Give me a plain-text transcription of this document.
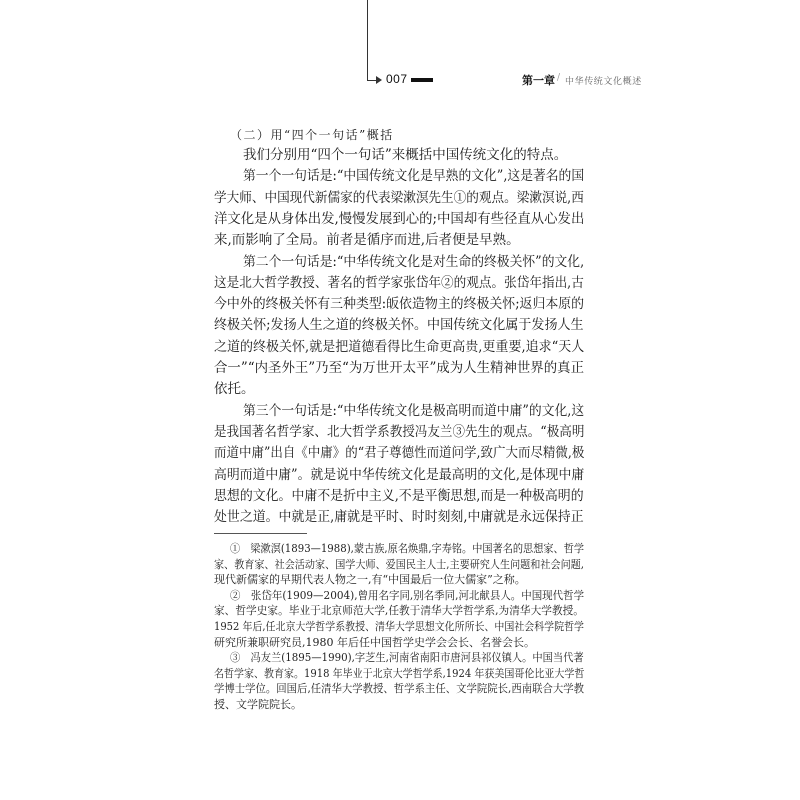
007	第一章 / 中华传统文化概述
（二）用“四个一句话”概括
我们分别用“四个一句话”来概括中国传统文化的特点。
第一个一句话是:“中国传统文化是早熟的文化”,这是著名的国
学大师、中国现代新儒家的代表梁漱溟先生①的观点。梁漱溟说,西
洋文化是从身体出发,慢慢发展到心的;中国却有些径直从心发出
来,而影响了全局。前者是循序而进,后者便是早熟。
第二个一句话是:“中华传统文化是对生命的终极关怀”的文化,
这是北大哲学教授、著名的哲学家张岱年②的观点。张岱年指出,古
今中外的终极关怀有三种类型:皈依造物主的终极关怀;返归本原的
终极关怀;发扬人生之道的终极关怀。中国传统文化属于发扬人生
之道的终极关怀,就是把道德看得比生命更高贵,更重要,追求“天人
合一”“内圣外王”乃至“为万世开太平”成为人生精神世界的真正
依托。
第三个一句话是:“中华传统文化是极高明而道中庸”的文化,这
是我国著名哲学家、北大哲学系教授冯友兰③先生的观点。“极高明
而道中庸”出自《中庸》的“君子尊德性而道问学,致广大而尽精微,极
高明而道中庸”。就是说中华传统文化是最高明的文化,是体现中庸
思想的文化。中庸不是折中主义,不是平衡思想,而是一种极高明的
处世之道。中就是正,庸就是平时、时时刻刻,中庸就是永远保持正
①　梁漱溟(1893—1988),蒙古族,原名焕鼎,字寿铭。中国著名的思想家、哲学
家、教育家、社会活动家、国学大师、爱国民主人士,主要研究人生问题和社会问题,
现代新儒家的早期代表人物之一,有“中国最后一位大儒家”之称。
②　张岱年(1909—2004),曾用名字同,别名季同,河北献县人。中国现代哲学
家、哲学史家。毕业于北京师范大学,任教于清华大学哲学系,为清华大学教授。
1952 年后,任北京大学哲学系教授、清华大学思想文化所所长、中国社会科学院哲学
研究所兼职研究员,1980 年后任中国哲学史学会会长、名誉会长。
③　冯友兰(1895—1990),字芝生,河南省南阳市唐河县祁仪镇人。中国当代著
名哲学家、教育家。1918 年毕业于北京大学哲学系,1924 年获美国哥伦比亚大学哲
学博士学位。回国后,任清华大学教授、哲学系主任、文学院院长,西南联合大学教
授、文学院院长。
